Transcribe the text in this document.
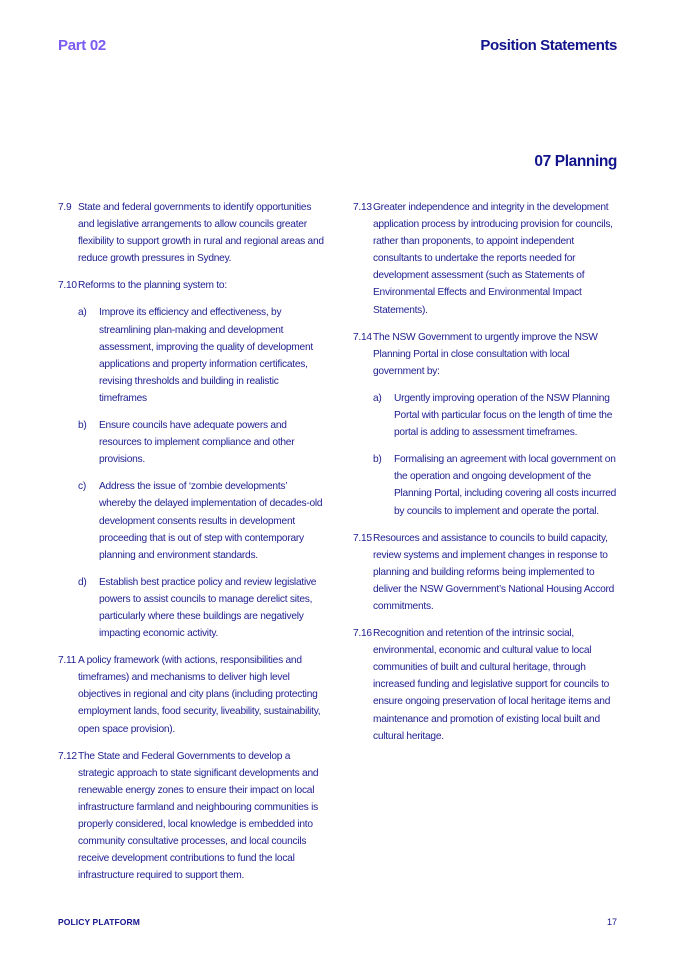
Part 02	Position Statements
07 Planning
7.9 State and federal governments to identify opportunities and legislative arrangements to allow councils greater flexibility to support growth in rural and regional areas and reduce growth pressures in Sydney.
7.10 Reforms to the planning system to:
a)	Improve its efficiency and effectiveness, by streamlining plan-making and development assessment, improving the quality of development applications and property information certificates, revising thresholds and building in realistic timeframes
b)	Ensure councils have adequate powers and resources to implement compliance and other provisions.
c)	Address the issue of ‘zombie developments’ whereby the delayed implementation of decades-old development consents results in development proceeding that is out of step with contemporary planning and environment standards.
d)	Establish best practice policy and review legislative powers to assist councils to manage derelict sites, particularly where these buildings are negatively impacting economic activity.
7.11 A policy framework (with actions, responsibilities and timeframes) and mechanisms to deliver high level objectives in regional and city plans (including protecting employment lands, food security, liveability, sustainability, open space provision).
7.12 The State and Federal Governments to develop a strategic approach to state significant developments and renewable energy zones to ensure their impact on local infrastructure farmland and neighbouring communities is properly considered, local knowledge is embedded into community consultative processes, and local councils receive development contributions to fund the local infrastructure required to support them.
7.13 Greater independence and integrity in the development application process by introducing provision for councils, rather than proponents, to appoint independent consultants to undertake the reports needed for development assessment (such as Statements of Environmental Effects and Environmental Impact Statements).
7.14 The NSW Government to urgently improve the NSW Planning Portal in close consultation with local government by:
a)	Urgently improving operation of the NSW Planning Portal with particular focus on the length of time the portal is adding to assessment timeframes.
b)	Formalising an agreement with local government on the operation and ongoing development of the Planning Portal, including covering all costs incurred by councils to implement and operate the portal.
7.15 Resources and assistance to councils to build capacity, review systems and implement changes in response to planning and building reforms being implemented to deliver the NSW Government’s National Housing Accord commitments.
7.16 Recognition and retention of the intrinsic social, environmental, economic and cultural value to local communities of built and cultural heritage, through increased funding and legislative support for councils to ensure ongoing preservation of local heritage items and maintenance and promotion of existing local built and cultural heritage.
POLICY PLATFORM	17
